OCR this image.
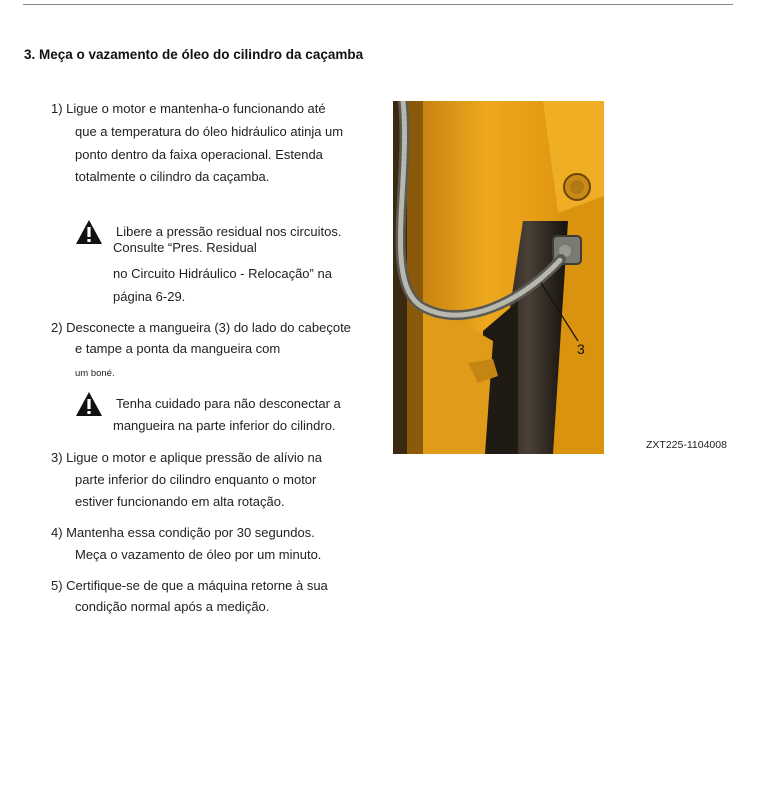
3. Meça o vazamento de óleo do cilindro da caçamba
1) Ligue o motor e mantenha-o funcionando até
que a temperatura do óleo hidráulico atinja um
ponto dentro da faixa operacional. Estenda
totalmente o cilindro da caçamba.
Libere a pressão residual nos circuitos.
Consulte “Pres. Residual
no Circuito Hidráulico - Relocação” na
página 6-29.
2) Desconecte a mangueira (3) do lado do cabeçote
e tampe a ponta da mangueira com
um boné.
Tenha cuidado para não desconectar a
mangueira na parte inferior do cilindro.
3) Ligue o motor e aplique pressão de alívio na
parte inferior do cilindro enquanto o motor
estiver funcionando em alta rotação.
4) Mantenha essa condição por 30 segundos.
Meça o vazamento de óleo por um minuto.
5) Certifique-se de que a máquina retorne à sua
condição normal após a medição.
3
ZXT225-1104008
